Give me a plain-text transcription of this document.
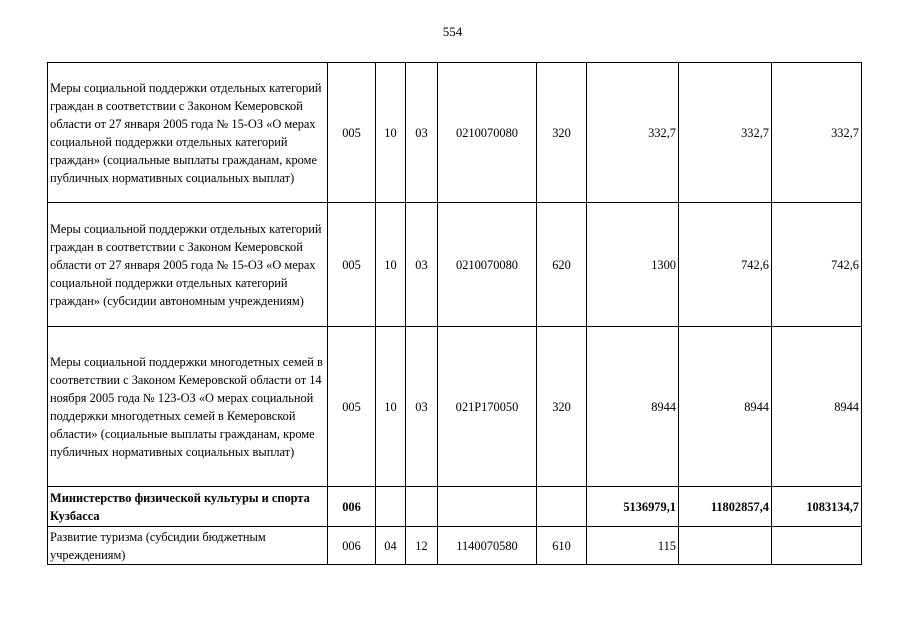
554
Меры социальной поддержки отдельных категорий граждан в соответствии с Законом Кемеровской области от 27 января 2005 года № 15-ОЗ «О мерах социальной поддержки отдельных категорий граждан» (социальные выплаты гражданам, кроме публичных нормативных социальных выплат)	005	10	03	0210070080	320	332,7	332,7	332,7
Меры социальной поддержки отдельных категорий граждан в соответствии с Законом Кемеровской области от 27 января 2005 года № 15-ОЗ «О мерах социальной поддержки отдельных категорий граждан» (субсидии автономным учреждениям)	005	10	03	0210070080	620	1300	742,6	742,6
Меры социальной поддержки многодетных семей в соответствии с Законом Кемеровской области от 14 ноября 2005 года № 123-ОЗ «О мерах социальной поддержки многодетных семей в Кемеровской области» (социальные выплаты гражданам, кроме публичных нормативных социальных выплат)	005	10	03	021P170050	320	8944	8944	8944
Министерство физической культуры и спорта Кузбасса	006					5136979,1	11802857,4	1083134,7
Развитие туризма (субсидии бюджетным учреждениям)	006	04	12	1140070580	610	115		
